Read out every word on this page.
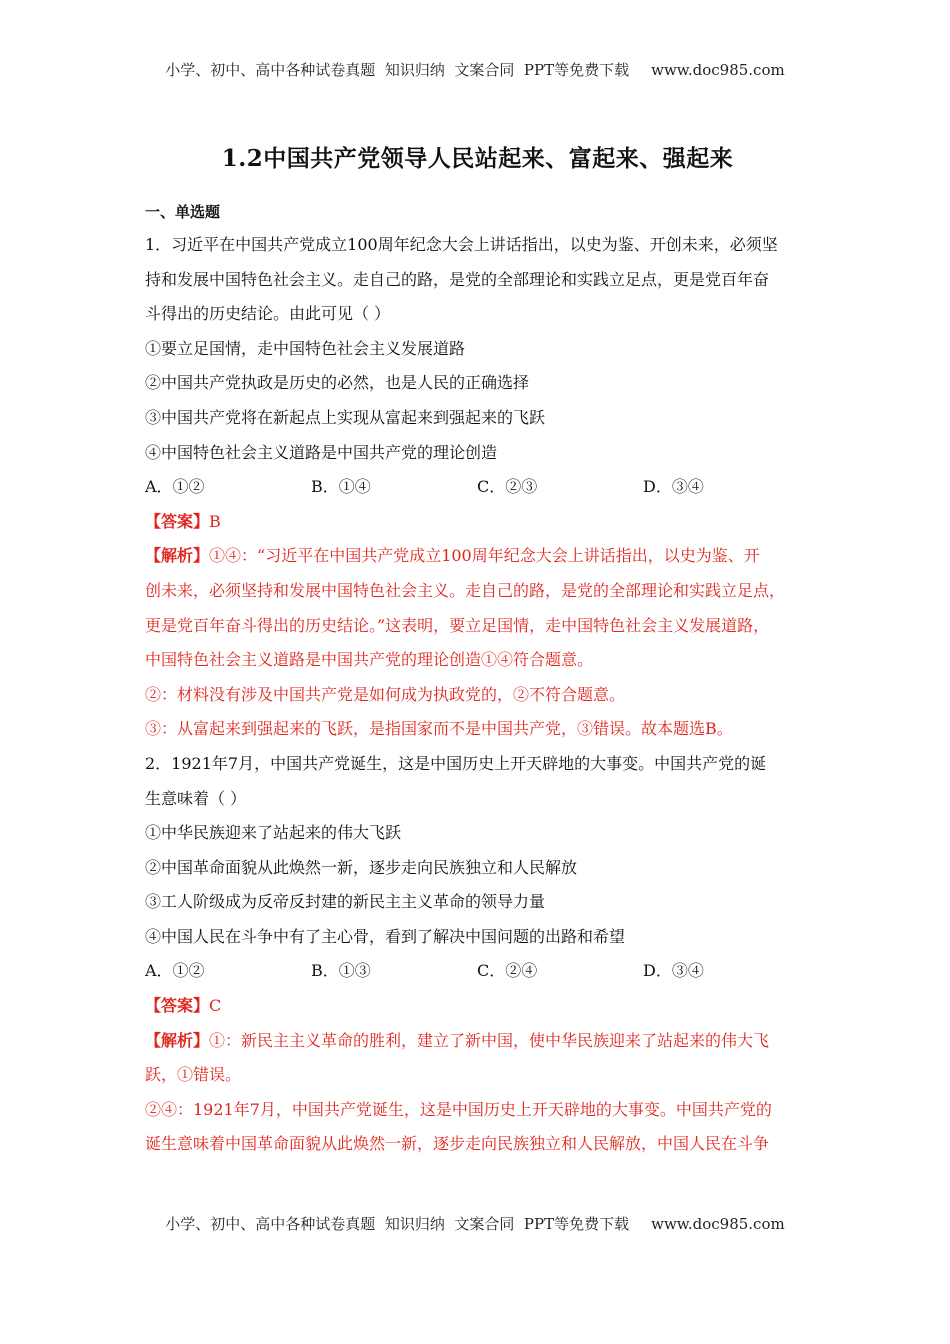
小学、初中、高中各种试卷真题  知识归纳  文案合同  PPT等免费下载 www.doc985.com
1.2中国共产党领导人民站起来、富起来、强起来
一、单选题
1．习近平在中国共产党成立100周年纪念大会上讲话指出，以史为鉴、开创未来，必须坚
持和发展中国特色社会主义。走自己的路，是党的全部理论和实践立足点，更是党百年奋
斗得出的历史结论。由此可见（ ）
①要立足国情，走中国特色社会主义发展道路
②中国共产党执政是历史的必然，也是人民的正确选择
③中国共产党将在新起点上实现从富起来到强起来的飞跃
④中国特色社会主义道路是中国共产党的理论创造
A．①②	B．①④	C．②③	D．③④
【答案】B
【解析】①④：“习近平在中国共产党成立100周年纪念大会上讲话指出，以史为鉴、开
创未来，必须坚持和发展中国特色社会主义。走自己的路，是党的全部理论和实践立足点，
更是党百年奋斗得出的历史结论。”这表明，要立足国情，走中国特色社会主义发展道路，
中国特色社会主义道路是中国共产党的理论创造①④符合题意。
②：材料没有涉及中国共产党是如何成为执政党的，②不符合题意。
③：从富起来到强起来的飞跃，是指国家而不是中国共产党，③错误。故本题选B。
2．1921年7月，中国共产党诞生，这是中国历史上开天辟地的大事变。中国共产党的诞
生意味着（ ）
①中华民族迎来了站起来的伟大飞跃
②中国革命面貌从此焕然一新，逐步走向民族独立和人民解放
③工人阶级成为反帝反封建的新民主主义革命的领导力量
④中国人民在斗争中有了主心骨，看到了解决中国问题的出路和希望
A．①②	B．①③	C．②④	D．③④
【答案】C
【解析】①：新民主主义革命的胜利，建立了新中国，使中华民族迎来了站起来的伟大飞
跃，①错误。
②④：1921年7月，中国共产党诞生，这是中国历史上开天辟地的大事变。中国共产党的
诞生意味着中国革命面貌从此焕然一新，逐步走向民族独立和人民解放，中国人民在斗争
小学、初中、高中各种试卷真题  知识归纳  文案合同  PPT等免费下载 www.doc985.com
